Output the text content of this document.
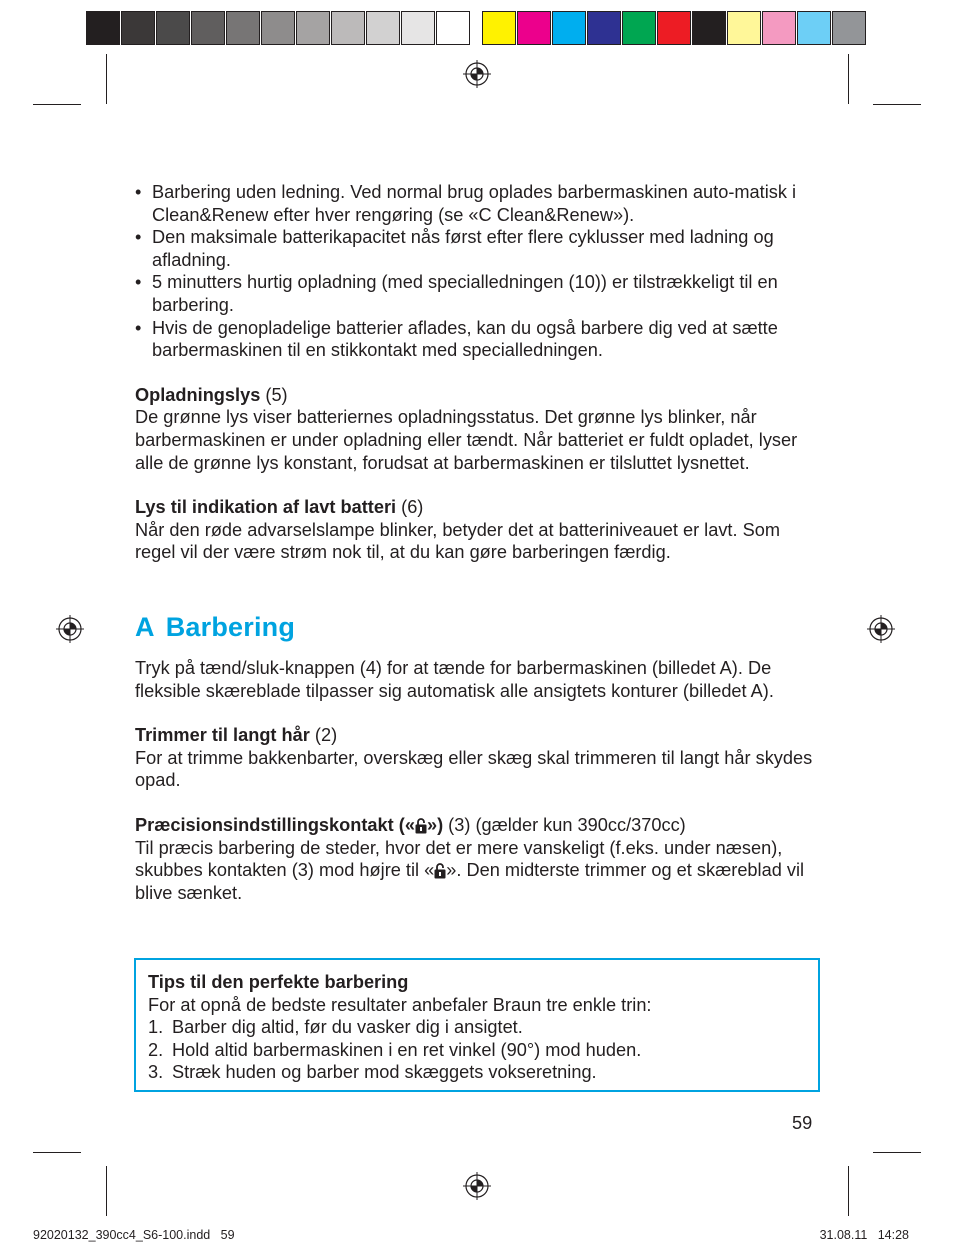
• Barbering uden ledning. Ved normal brug oplades barbermaskinen auto-matisk i Clean&Renew efter hver rengøring (se «C Clean&Renew»).
• Den maksimale batterikapacitet nås først efter flere cyklusser med ladning og afladning.
• 5 minutters hurtig opladning (med specialledningen (10)) er tilstrækkeligt til en barbering.
• Hvis de genopladelige batterier aflades, kan du også barbere dig ved at sætte barbermaskinen til en stikkontakt med specialledningen.

Opladningslys (5)

De grønne lys viser batteriernes opladningsstatus. Det grønne lys blinker, når barbermaskinen er under opladning eller tændt. Når batteriet er fuldt opladet, lyser alle de grønne lys konstant, forudsat at barbermaskinen er tilsluttet lysnettet.

Lys til indikation af lavt batteri (6)

Når den røde advarselslampe blinker, betyder det at batteriniveauet er lavt. Som regel vil der være strøm nok til, at du kan gøre barberingen færdig.

A Barbering

Tryk på tænd/sluk-knappen (4) for at tænde for barbermaskinen (billedet A). De fleksible skæreblade tilpasser sig automatisk alle ansigtets konturer (billedet A).

Trimmer til langt hår (2)

For at trimme bakkenbarter, overskæg eller skæg skal trimmeren til langt hår skydes opad.

Præcisionsindstillingskontakt (« ») (3) (gælder kun 390cc/370cc)

Til præcis barbering de steder, hvor det er mere vanskeligt (f.eks. under næsen), skubbes kontakten (3) mod højre til « ». Den midterste trimmer og et skæreblad vil blive sænket.

Tips til den perfekte barbering

For at opnå de bedste resultater anbefaler Braun tre enkle trin:

1. Barber dig altid, før du vasker dig i ansigtet.
2. Hold altid barbermaskinen i en ret vinkel (90°) mod huden.
3. Stræk huden og barber mod skæggets vokseretning.
59
92020132_390cc4_S6-100.indd   59	31.08.11   14:28
